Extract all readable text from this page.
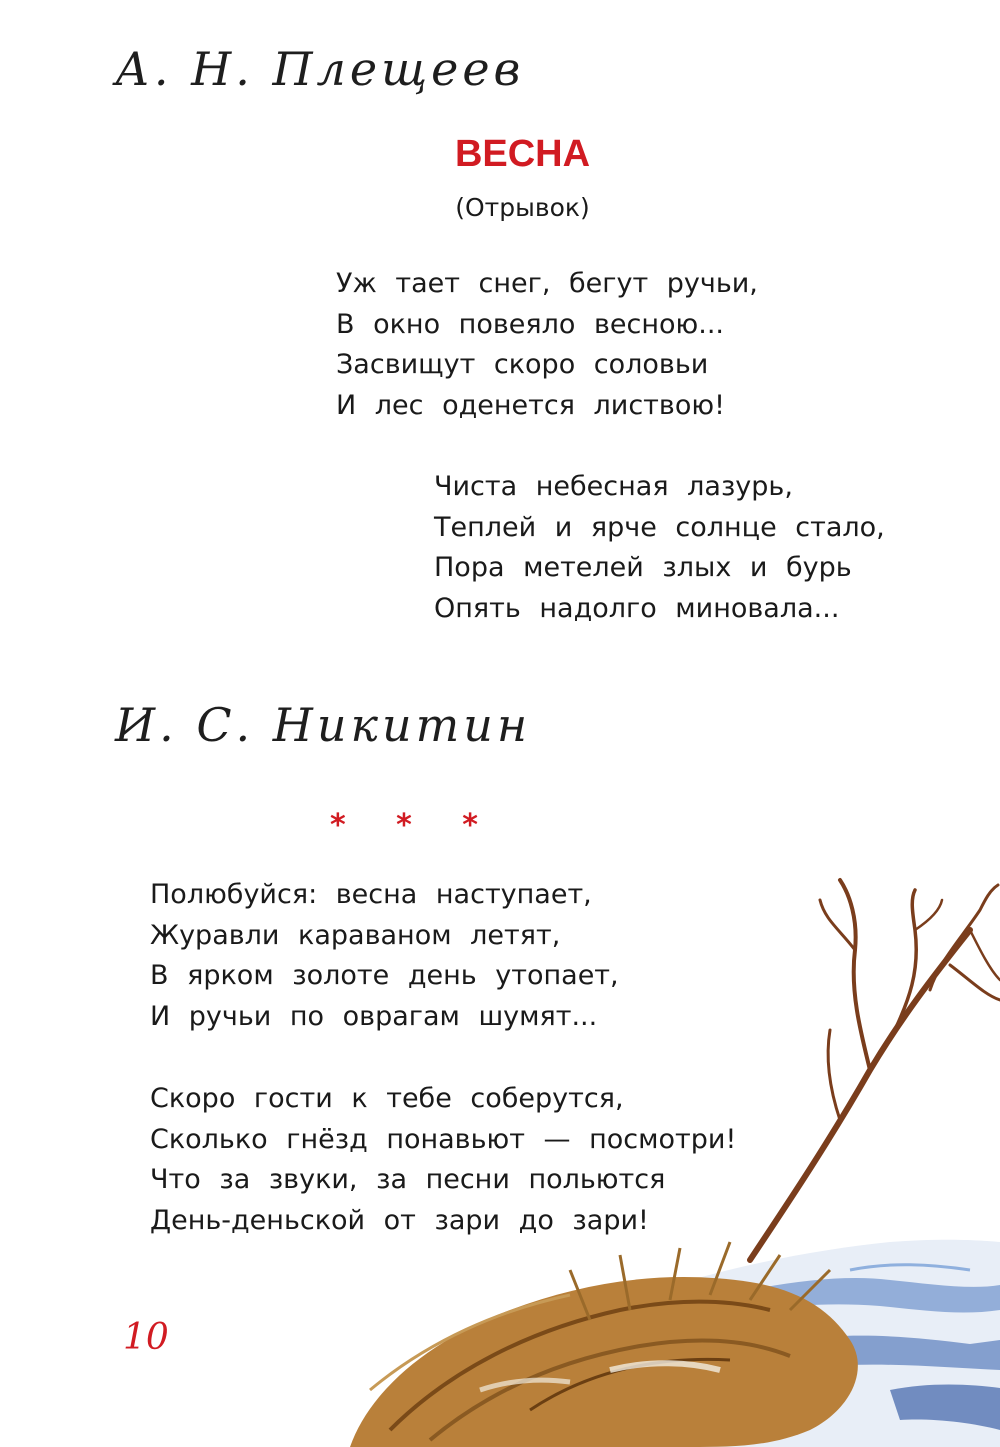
А. Н. Плещеев
ВЕСНА
(Отрывок)
Уж тает снег, бегут ручьи,
В окно повеяло весною...
Засвищут скоро соловьи
И лес оденется листвою!
Чиста небесная лазурь,
Теплей и ярче солнце стало,
Пора метелей злых и бурь
Опять надолго миновала...
И. С. Никитин
* * *
Полюбуйся: весна наступает,
Журавли караваном летят,
В ярком золоте день утопает,
И ручьи по оврагам шумят...
Скоро гости к тебе соберутся,
Сколько гнёзд понавьют — посмотри!
Что за звуки, за песни польются
День-деньской от зари до зари!
10
